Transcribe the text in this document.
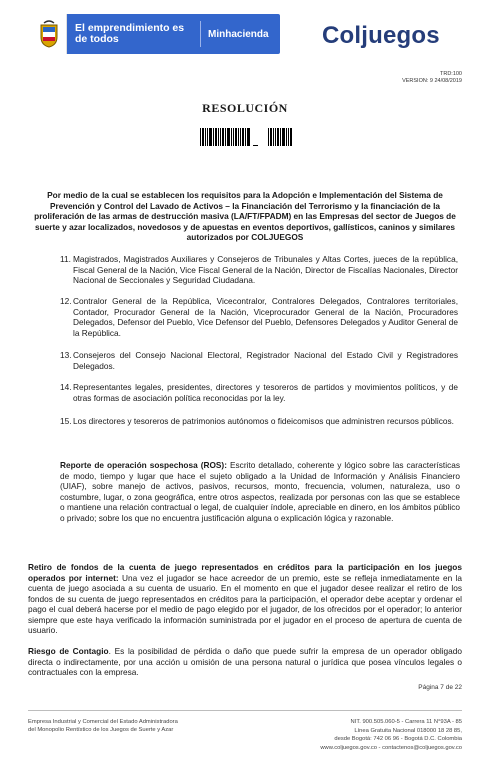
El emprendimiento es de todos	Minhacienda Coljuegos
TRD:100
VERSION: 9 24/08/2019
RESOLUCIÓN
Por medio de la cual se establecen los requisitos para la Adopción e Implementación del Sistema de Prevención y Control del Lavado de Activos – la Financiación del Terrorismo y la financiación de la proliferación de las armas de destrucción masiva (LA/FT/FPADM) en las Empresas del sector de Juegos de suerte y azar localizados, novedosos y de apuestas en eventos deportivos, gallísticos, caninos y similares autorizados por COLJUEGOS
11. Magistrados, Magistrados Auxiliares y Consejeros de Tribunales y Altas Cortes, jueces de la república, Fiscal General de la Nación, Vice Fiscal General de la Nación, Director de Fiscalías Nacionales, Director Nacional de Seccionales y Seguridad Ciudadana.
12. Contralor General de la República, Vicecontralor, Contralores Delegados, Contralores territoriales, Contador, Procurador General de la Nación, Viceprocurador General de la Nación, Procuradores Delegados, Defensor del Pueblo, Vice Defensor del Pueblo, Defensores Delegados y Auditor General de la República.
13. Consejeros del Consejo Nacional Electoral, Registrador Nacional del Estado Civil y Registradores Delegados.
14. Representantes legales, presidentes, directores y tesoreros de partidos y movimientos políticos, y de otras formas de asociación política reconocidas por la ley.
15. Los directores y tesoreros de patrimonios autónomos o fideicomisos que administren recursos públicos.
Reporte de operación sospechosa (ROS): Escrito detallado, coherente y lógico sobre las características de modo, tiempo y lugar que hace el sujeto obligado a la Unidad de Información y Análisis Financiero (UIAF), sobre manejo de activos, pasivos, recursos, monto, frecuencia, volumen, naturaleza, uso o costumbre, lugar, o zona geográfica, entre otros aspectos, realizada por personas con las que se establece o mantiene una relación contractual o legal, de cualquier índole, apreciable en dinero, en los ámbitos público o privado; sobre los que no encuentra justificación alguna o explicación lógica y razonable.
Retiro de fondos de la cuenta de juego representados en créditos para la participación en los juegos operados por internet: Una vez el jugador se hace acreedor de un premio, este se refleja inmediatamente en la cuenta de juego asociada a su cuenta de usuario. En el momento en que el jugador desee realizar el retiro de los fondos de su cuenta de juego representados en créditos para la participación, el operador debe aceptar y ordenar el pago el cual deberá hacerse por el medio de pago elegido por el jugador, de los ofrecidos por el operador; lo anterior siempre que este haya verificado la información suministrada por el jugador en el proceso de apertura de cuenta de usuario.
Riesgo de Contagio. Es la posibilidad de pérdida o daño que puede sufrir la empresa de un operador obligado directa o indirectamente, por una acción u omisión de una persona natural o jurídica que posea vínculos legales o contractuales con la empresa.
Página 7 de 22
Empresa Industrial y Comercial del Estado Administradora
del Monopolio Rentístico de los Juegos de Suerte y Azar
NIT. 900.505.060-5 - Carrera 11 N°93A - 85
Línea Gratuita Nacional 018000 18 28 85,
desde Bogotá: 742 06 96 - Bogotá D.C. Colombia
www.coljuegos.gov.co - contactenos@coljuegos.gov.co
